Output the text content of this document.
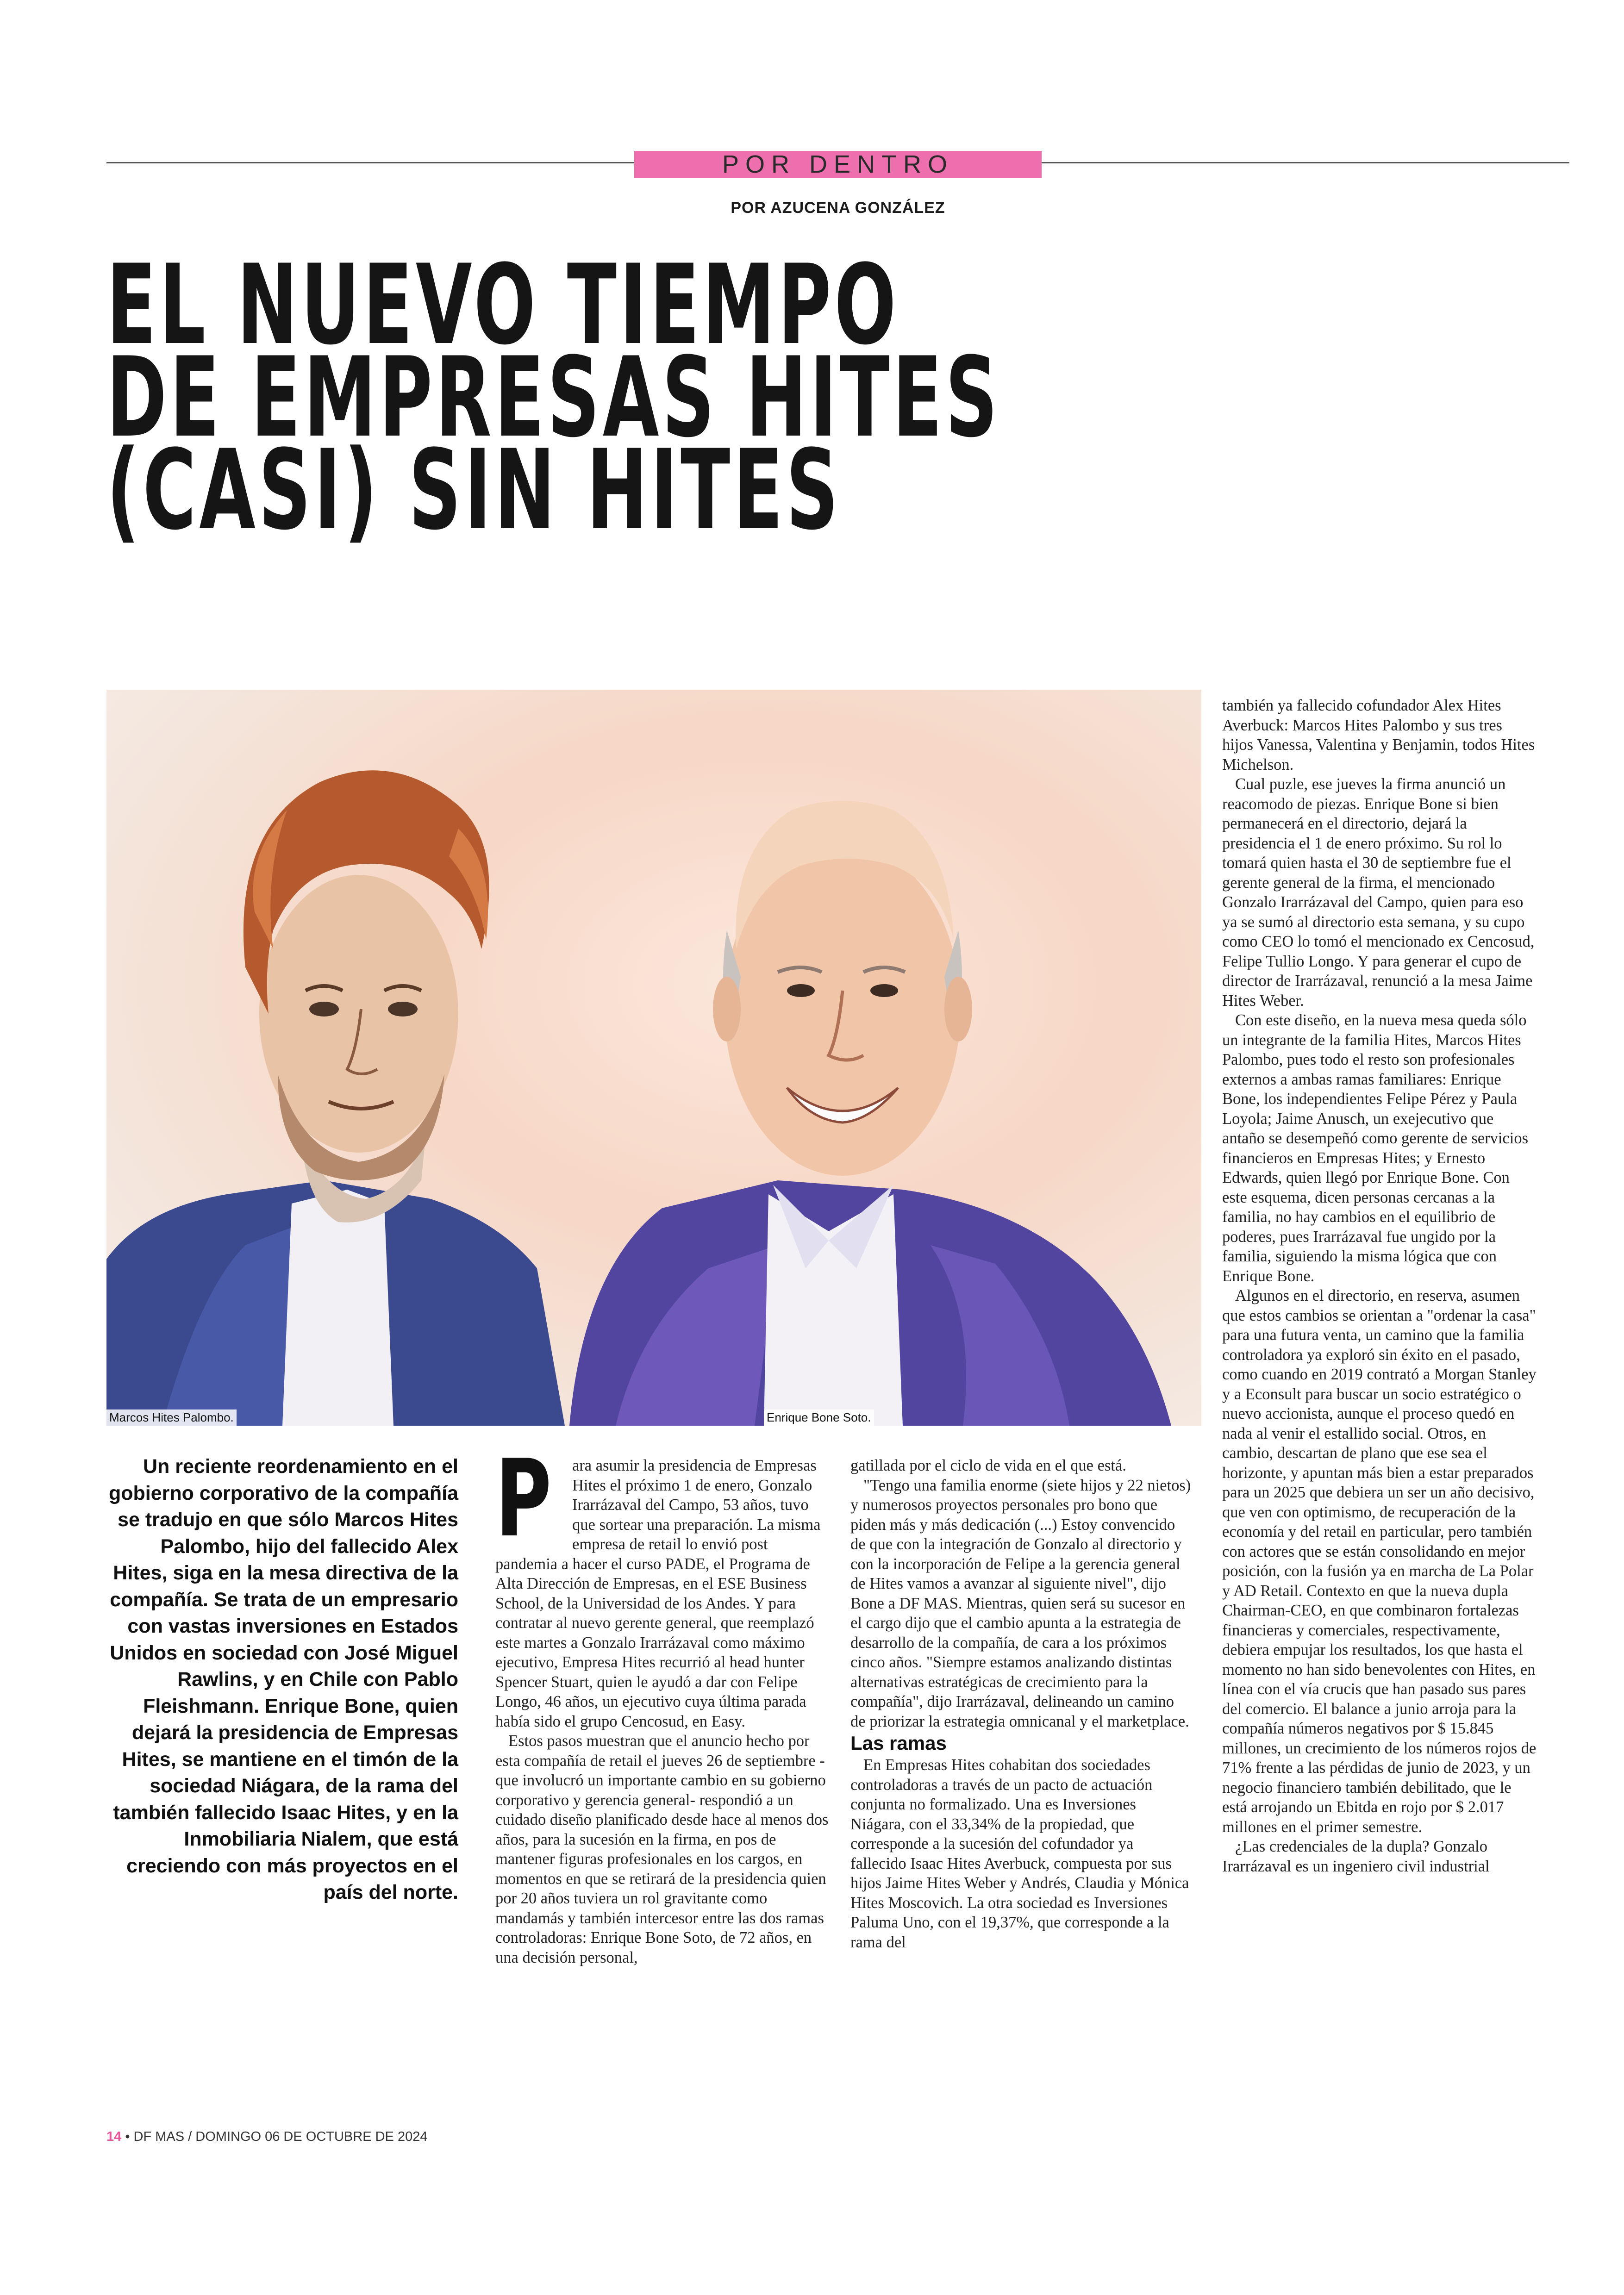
POR DENTRO
POR AZUCENA GONZÁLEZ
EL NUEVO TIEMPO
DE EMPRESAS HITES
(CASI) SIN HITES
Marcos Hites Palombo.	Enrique Bone Soto.

también ya fallecido cofundador Alex Hites Averbuck: Marcos Hites Palombo y sus tres hijos Vanessa, Valentina y Benjamin, todos Hites Michelson.

Cual puzle, ese jueves la firma anunció un reacomodo de piezas. Enrique Bone si bien permanecerá en el directorio, dejará la presidencia el 1 de enero próximo. Su rol lo tomará quien hasta el 30 de septiembre fue el gerente general de la firma, el mencionado Gonzalo Irarrázaval del Campo, quien para eso ya se sumó al directorio esta semana, y su cupo como CEO lo tomó el mencionado ex Cencosud, Felipe Tullio Longo. Y para generar el cupo de director de Irarrázaval, renunció a la mesa Jaime Hites Weber.

Con este diseño, en la nueva mesa queda sólo un integrante de la familia Hites, Marcos Hites Palombo, pues todo el resto son profesionales externos a ambas ramas familiares: Enrique Bone, los independientes Felipe Pérez y Paula Loyola; Jaime Anusch, un exejecutivo que antaño se desempeñó como gerente de servicios financieros en Empresas Hites; y Ernesto Edwards, quien llegó por Enrique Bone. Con este esquema, dicen personas cercanas a la familia, no hay cambios en el equilibrio de poderes, pues Irarrázaval fue ungido por la familia, siguiendo la misma lógica que con Enrique Bone.

Algunos en el directorio, en reserva, asumen que estos cambios se orientan a "ordenar la casa" para una futura venta, un camino que la familia controladora ya exploró sin éxito en el pasado, como cuando en 2019 contrató a Morgan Stanley y a Econsult para buscar un socio estratégico o nuevo accionista, aunque el proceso quedó en nada al venir el estallido social. Otros, en cambio, descartan de plano que ese sea el horizonte, y apuntan más bien a estar preparados para un 2025 que debiera un ser un año decisivo, que ven con optimismo, de recuperación de la economía y del retail en particular, pero también con actores que se están consolidando en mejor posición, con la fusión ya en marcha de La Polar y AD Retail. Contexto en que la nueva dupla Chairman-CEO, en que combinaron fortalezas financieras y comerciales, respectivamente, debiera empujar los resultados, los que hasta el momento no han sido benevolentes con Hites, en línea con el vía crucis que han pasado sus pares del comercio. El balance a junio arroja para la compañía números negativos por $ 15.845 millones, un crecimiento de los números rojos de 71% frente a las pérdidas de junio de 2023, y un negocio financiero también debilitado, que le está arrojando un Ebitda en rojo por $ 2.017 millones en el primer semestre.

¿Las credenciales de la dupla? Gonzalo Irarrázaval es un ingeniero civil industrial

Un reciente reordenamiento en el gobierno corporativo de la compañía se tradujo en que sólo Marcos Hites Palombo, hijo del fallecido Alex Hites, siga en la mesa directiva de la compañía. Se trata de un empresario con vastas inversiones en Estados Unidos en sociedad con José Miguel Rawlins, y en Chile con Pablo Fleishmann. Enrique Bone, quien dejará la presidencia de Empresas Hites, se mantiene en el timón de la sociedad Niágara, de la rama del también fallecido Isaac Hites, y en la Inmobiliaria Nialem, que está creciendo con más proyectos en el país del norte.
P	ara asumir la presidencia de Empresas Hites el próximo 1 de enero, Gonzalo Irarrázaval del Campo, 53 años, tuvo que sortear una preparación. La misma empresa de retail lo envió post pandemia a hacer el curso PADE, el Programa de Alta Dirección de Empresas, en el ESE Business School, de la Universidad de los Andes. Y para contratar al nuevo gerente general, que reemplazó este martes a Gonzalo Irarrázaval como máximo ejecutivo, Empresa Hites recurrió al head hunter Spencer Stuart, quien le ayudó a dar con Felipe Longo, 46 años, un ejecutivo cuya última parada había sido el grupo Cencosud, en Easy.

Estos pasos muestran que el anuncio hecho por esta compañía de retail el jueves 26 de septiembre -que involucró un importante cambio en su gobierno corporativo y gerencia general- respondió a un cuidado diseño planificado desde hace al menos dos años, para la sucesión en la firma, en pos de mantener figuras profesionales en los cargos, en momentos en que se retirará de la presidencia quien por 20 años tuviera un rol gravitante como mandamás y también intercesor entre las dos ramas controladoras: Enrique Bone Soto, de 72 años, en una decisión personal,

gatillada por el ciclo de vida en el que está.

"Tengo una familia enorme (siete hijos y 22 nietos) y numerosos proyectos personales pro bono que piden más y más dedicación (...) Estoy convencido de que con la integración de Gonzalo al directorio y con la incorporación de Felipe a la gerencia general de Hites vamos a avanzar al siguiente nivel", dijo Bone a DF MAS. Mientras, quien será su sucesor en el cargo dijo que el cambio apunta a la estrategia de desarrollo de la compañía, de cara a los próximos cinco años. "Siempre estamos analizando distintas alternativas estratégicas de crecimiento para la compañía", dijo Irarrázaval, delineando un camino de priorizar la estrategia omnicanal y el marketplace.

Las ramas

En Empresas Hites cohabitan dos sociedades controladoras a través de un pacto de actuación conjunta no formalizado. Una es Inversiones Niágara, con el 33,34% de la propiedad, que corresponde a la sucesión del cofundador ya fallecido Isaac Hites Averbuck, compuesta por sus hijos Jaime Hites Weber y Andrés, Claudia y Mónica Hites Moscovich. La otra sociedad es Inversiones Paluma Uno, con el 19,37%, que corresponde a la rama del

14 • DF MAS / DOMINGO 06 DE OCTUBRE DE 2024
